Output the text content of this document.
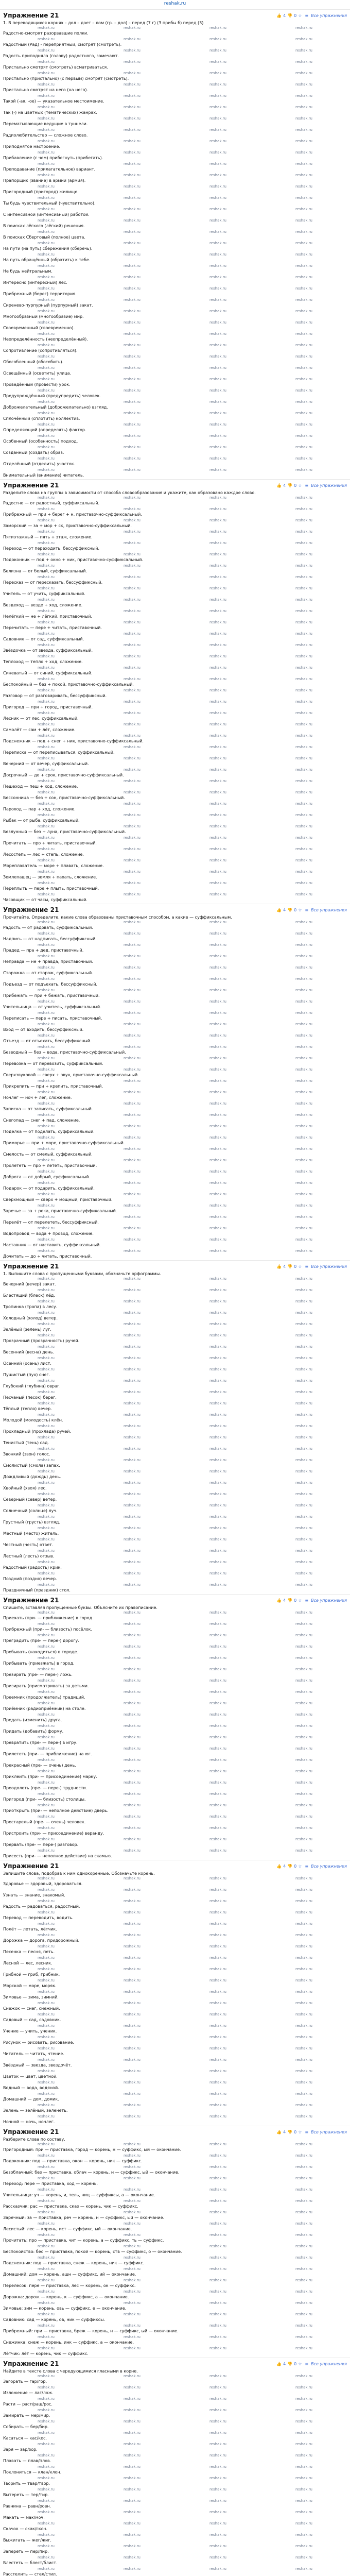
reshak.ru
Упражнение 21	👍 4 👎 0 ☆ ≡ Все упражнения
1. В переводящихся корнях – дол – дает – лом (гр. – дол) – перед (7 г) (3 прибы б) перед (3)
reshak.ru	reshak.ru	reshak.ru	reshak.ru
Радостно-смотрят разорвавшие полки.
reshak.ru	reshak.ru	reshak.ru	reshak.ru
Радостный (Рад) - переприятный, смотрят (смотреть).
reshak.ru	reshak.ru	reshak.ru	reshak.ru
Радость приподняла (голову) радостного, замечают.
reshak.ru	reshak.ru	reshak.ru	reshak.ru
Пристально смотрят (смотреть) всматриваться.
reshak.ru	reshak.ru	reshak.ru	reshak.ru
Пристально (пристально) (с первым) смотрят (смотреть).
reshak.ru	reshak.ru	reshak.ru	reshak.ru
Пристально смотрят на него (на него).
reshak.ru	reshak.ru	reshak.ru	reshak.ru
Такой (-ая, -ое) — указательное местоимение.
reshak.ru	reshak.ru	reshak.ru	reshak.ru
Так (-) на цветных (тематических) жанрах.
reshak.ru	reshak.ru	reshak.ru	reshak.ru
Перематывающие ведущие в туннели.
reshak.ru	reshak.ru	reshak.ru	reshak.ru
Радиолюбительство — сложное слово.
reshak.ru	reshak.ru	reshak.ru	reshak.ru
Приподнятое настроение.
reshak.ru	reshak.ru	reshak.ru	reshak.ru
Прибавление (с чем) прибегнуть (прибегать).
reshak.ru	reshak.ru	reshak.ru	reshak.ru
Преподавание (прилагательное) вариант.
reshak.ru	reshak.ru	reshak.ru	reshak.ru
Прапорщик (звание) в армии (армия).
reshak.ru	reshak.ru	reshak.ru	reshak.ru
Пригородный (пригород) жилище.
reshak.ru	reshak.ru	reshak.ru	reshak.ru
Ты будь чувствительный (чувствительно).
reshak.ru	reshak.ru	reshak.ru	reshak.ru
С интенсивной (интенсивный) работой.
reshak.ru	reshak.ru	reshak.ru	reshak.ru
В поисках лёгкого (лёгкий) решения.
reshak.ru	reshak.ru	reshak.ru	reshak.ru
В поисках Сбертовый (полное) цвета.
reshak.ru	reshak.ru	reshak.ru	reshak.ru
На пути (на путь) сбережения (сберечь).
reshak.ru	reshak.ru	reshak.ru	reshak.ru
На путь обращённый (обратить) к тебе.
reshak.ru	reshak.ru	reshak.ru	reshak.ru
Не будь нейтральным.
reshak.ru	reshak.ru	reshak.ru	reshak.ru
Интересно (интересный) лес.
reshak.ru	reshak.ru	reshak.ru	reshak.ru
Прибрежный (берег) территория.
reshak.ru	reshak.ru	reshak.ru	reshak.ru
Сиренево-пурпурный (пурпурный) закат.
reshak.ru	reshak.ru	reshak.ru	reshak.ru
Многообразный (многообразие) мир.
reshak.ru	reshak.ru	reshak.ru	reshak.ru
Своевременный (своевременно).
reshak.ru	reshak.ru	reshak.ru	reshak.ru
Неопределённость (неопределённый).
reshak.ru	reshak.ru	reshak.ru	reshak.ru
Сопротивление (сопротивляться).
reshak.ru	reshak.ru	reshak.ru	reshak.ru
Обособленный (обособить).
reshak.ru	reshak.ru	reshak.ru	reshak.ru
Освещённый (осветить) улица.
reshak.ru	reshak.ru	reshak.ru	reshak.ru
Проведённый (провести) урок.
reshak.ru	reshak.ru	reshak.ru	reshak.ru
Предупреждённый (предупредить) человек.
reshak.ru	reshak.ru	reshak.ru	reshak.ru
Доброжелательный (доброжелательно) взгляд.
reshak.ru	reshak.ru	reshak.ru	reshak.ru
Сплочённый (сплотить) коллектив.
reshak.ru	reshak.ru	reshak.ru	reshak.ru
Определяющий (определять) фактор.
reshak.ru	reshak.ru	reshak.ru	reshak.ru
Особенный (особенность) подход.
reshak.ru	reshak.ru	reshak.ru	reshak.ru
Созданный (создать) образ.
reshak.ru	reshak.ru	reshak.ru	reshak.ru
Отделённый (отделить) участок.
reshak.ru	reshak.ru	reshak.ru	reshak.ru
Внимательный (внимание) читатель.
Упражнение 21	👍 4 👎 0 ☆ ≡ Все упражнения
Разделите слова на группы в зависимости от способа словообразования и укажите, как образовано каждое слово.
reshak.ru	reshak.ru	reshak.ru	reshak.ru
Радостно — от радостный, суффиксальный.
reshak.ru	reshak.ru	reshak.ru	reshak.ru
Прибрежный — при + берег + н, приставочно-суффиксальный.
reshak.ru	reshak.ru	reshak.ru	reshak.ru
Заморский — за + мор + ск, приставочно-суффиксальный.
reshak.ru	reshak.ru	reshak.ru	reshak.ru
Пятиэтажный — пять + этаж, сложение.
reshak.ru	reshak.ru	reshak.ru	reshak.ru
Переход — от переходить, бессуффиксный.
reshak.ru	reshak.ru	reshak.ru	reshak.ru
Подоконник — под + окно + ник, приставочно-суффиксальный.
reshak.ru	reshak.ru	reshak.ru	reshak.ru
Белизна — от белый, суффиксальный.
reshak.ru	reshak.ru	reshak.ru	reshak.ru
Пересказ — от пересказать, бессуффиксный.
reshak.ru	reshak.ru	reshak.ru	reshak.ru
Учитель — от учить, суффиксальный.
reshak.ru	reshak.ru	reshak.ru	reshak.ru
Вездеход — везде + ход, сложение.
reshak.ru	reshak.ru	reshak.ru	reshak.ru
Нелёгкий — не + лёгкий, приставочный.
reshak.ru	reshak.ru	reshak.ru	reshak.ru
Перечитать — пере + читать, приставочный.
reshak.ru	reshak.ru	reshak.ru	reshak.ru
Садовник — от сад, суффиксальный.
reshak.ru	reshak.ru	reshak.ru	reshak.ru
Звёздочка — от звезда, суффиксальный.
reshak.ru	reshak.ru	reshak.ru	reshak.ru
Теплоход — тепло + ход, сложение.
reshak.ru	reshak.ru	reshak.ru	reshak.ru
Синеватый — от синий, суффиксальный.
reshak.ru	reshak.ru	reshak.ru	reshak.ru
Беспокойный — без + покой, приставочно-суффиксальный.
reshak.ru	reshak.ru	reshak.ru	reshak.ru
Разговор — от разговаривать, бессуффиксный.
reshak.ru	reshak.ru	reshak.ru	reshak.ru
Пригород — при + город, приставочный.
reshak.ru	reshak.ru	reshak.ru	reshak.ru
Лесник — от лес, суффиксальный.
reshak.ru	reshak.ru	reshak.ru	reshak.ru
Самолёт — сам + лёт, сложение.
reshak.ru	reshak.ru	reshak.ru	reshak.ru
Подснежник — под + снег + ник, приставочно-суффиксальный.
reshak.ru	reshak.ru	reshak.ru	reshak.ru
Переписка — от переписываться, суффиксальный.
reshak.ru	reshak.ru	reshak.ru	reshak.ru
Вечерний — от вечер, суффиксальный.
reshak.ru	reshak.ru	reshak.ru	reshak.ru
Досрочный — до + срок, приставочно-суффиксальный.
reshak.ru	reshak.ru	reshak.ru	reshak.ru
Пешеход — пеш + ход, сложение.
reshak.ru	reshak.ru	reshak.ru	reshak.ru
Бессонница — без + сон, приставочно-суффиксальный.
reshak.ru	reshak.ru	reshak.ru	reshak.ru
Пароход — пар + ход, сложение.
reshak.ru	reshak.ru	reshak.ru	reshak.ru
Рыбак — от рыба, суффиксальный.
reshak.ru	reshak.ru	reshak.ru	reshak.ru
Безлунный — без + луна, приставочно-суффиксальный.
reshak.ru	reshak.ru	reshak.ru	reshak.ru
Прочитать — про + читать, приставочный.
reshak.ru	reshak.ru	reshak.ru	reshak.ru
Лесостепь — лес + степь, сложение.
reshak.ru	reshak.ru	reshak.ru	reshak.ru
Мореплаватель — море + плавать, сложение.
reshak.ru	reshak.ru	reshak.ru	reshak.ru
Землепашец — земля + пахать, сложение.
reshak.ru	reshak.ru	reshak.ru	reshak.ru
Переплыть — пере + плыть, приставочный.
reshak.ru	reshak.ru	reshak.ru	reshak.ru
Часовщик — от часы, суффиксальный.
Упражнение 21	👍 4 👎 0 ☆ ≡ Все упражнения
Прочитайте. Определите, какие слова образованы приставочным способом, а какие — суффиксальным.
reshak.ru	reshak.ru	reshak.ru	reshak.ru
Радость — от радовать, суффиксальный.
reshak.ru	reshak.ru	reshak.ru	reshak.ru
Надпись — от надписать, бессуффиксный.
reshak.ru	reshak.ru	reshak.ru	reshak.ru
Прадед — пра + дед, приставочный.
reshak.ru	reshak.ru	reshak.ru	reshak.ru
Неправда — не + правда, приставочный.
reshak.ru	reshak.ru	reshak.ru	reshak.ru
Сторожка — от сторож, суффиксальный.
reshak.ru	reshak.ru	reshak.ru	reshak.ru
Подъезд — от подъехать, бессуффиксный.
reshak.ru	reshak.ru	reshak.ru	reshak.ru
Прибежать — при + бежать, приставочный.
reshak.ru	reshak.ru	reshak.ru	reshak.ru
Учительница — от учитель, суффиксальный.
reshak.ru	reshak.ru	reshak.ru	reshak.ru
Переписать — пере + писать, приставочный.
reshak.ru	reshak.ru	reshak.ru	reshak.ru
Вход — от входить, бессуффиксный.
reshak.ru	reshak.ru	reshak.ru	reshak.ru
Отъезд — от отъехать, бессуффиксный.
reshak.ru	reshak.ru	reshak.ru	reshak.ru
Безводный — без + вода, приставочно-суффиксальный.
reshak.ru	reshak.ru	reshak.ru	reshak.ru
Перевозка — от перевозить, суффиксальный.
reshak.ru	reshak.ru	reshak.ru	reshak.ru
Сверхзвуковой — сверх + звук, приставочно-суффиксальный.
reshak.ru	reshak.ru	reshak.ru	reshak.ru
Прикрепить — при + крепить, приставочный.
reshak.ru	reshak.ru	reshak.ru	reshak.ru
Ночлег — ноч + лег, сложение.
reshak.ru	reshak.ru	reshak.ru	reshak.ru
Записка — от записать, суффиксальный.
reshak.ru	reshak.ru	reshak.ru	reshak.ru
Снегопад — снег + пад, сложение.
reshak.ru	reshak.ru	reshak.ru	reshak.ru
Поделка — от поделать, суффиксальный.
reshak.ru	reshak.ru	reshak.ru	reshak.ru
Приморье — при + море, приставочно-суффиксальный.
reshak.ru	reshak.ru	reshak.ru	reshak.ru
Смелость — от смелый, суффиксальный.
reshak.ru	reshak.ru	reshak.ru	reshak.ru
Пролететь — про + лететь, приставочный.
reshak.ru	reshak.ru	reshak.ru	reshak.ru
Доброта — от добрый, суффиксальный.
reshak.ru	reshak.ru	reshak.ru	reshak.ru
Подарок — от подарить, суффиксальный.
reshak.ru	reshak.ru	reshak.ru	reshak.ru
Сверхмощный — сверх + мощный, приставочный.
reshak.ru	reshak.ru	reshak.ru	reshak.ru
Заречье — за + река, приставочно-суффиксальный.
reshak.ru	reshak.ru	reshak.ru	reshak.ru
Перелёт — от перелететь, бессуффиксный.
reshak.ru	reshak.ru	reshak.ru	reshak.ru
Водопровод — вода + провод, сложение.
reshak.ru	reshak.ru	reshak.ru	reshak.ru
Наставник — от наставить, суффиксальный.
reshak.ru	reshak.ru	reshak.ru	reshak.ru
Дочитать — до + читать, приставочный.
Упражнение 21	👍 4 👎 0 ☆ ≡ Все упражнения
1. Выпишите слова с пропущенными буквами, обозначьте орфограммы.
reshak.ru	reshak.ru	reshak.ru	reshak.ru
Вечерний (вечер) закат.
reshak.ru	reshak.ru	reshak.ru	reshak.ru
Блестящий (блеск) лёд.
reshak.ru	reshak.ru	reshak.ru	reshak.ru
Тропинка (тропа) в лесу.
reshak.ru	reshak.ru	reshak.ru	reshak.ru
Холодный (холод) ветер.
reshak.ru	reshak.ru	reshak.ru	reshak.ru
Зелёный (зелень) луг.
reshak.ru	reshak.ru	reshak.ru	reshak.ru
Прозрачный (прозрачность) ручей.
reshak.ru	reshak.ru	reshak.ru	reshak.ru
Весенний (весна) день.
reshak.ru	reshak.ru	reshak.ru	reshak.ru
Осенний (осень) лист.
reshak.ru	reshak.ru	reshak.ru	reshak.ru
Пушистый (пух) снег.
reshak.ru	reshak.ru	reshak.ru	reshak.ru
Глубокий (глубина) овраг.
reshak.ru	reshak.ru	reshak.ru	reshak.ru
Песчаный (песок) берег.
reshak.ru	reshak.ru	reshak.ru	reshak.ru
Тёплый (тепло) вечер.
reshak.ru	reshak.ru	reshak.ru	reshak.ru
Молодой (молодость) клён.
reshak.ru	reshak.ru	reshak.ru	reshak.ru
Прохладный (прохлада) ручей.
reshak.ru	reshak.ru	reshak.ru	reshak.ru
Тенистый (тень) сад.
reshak.ru	reshak.ru	reshak.ru	reshak.ru
Звонкий (звон) голос.
reshak.ru	reshak.ru	reshak.ru	reshak.ru
Смолистый (смола) запах.
reshak.ru	reshak.ru	reshak.ru	reshak.ru
Дождливый (дождь) день.
reshak.ru	reshak.ru	reshak.ru	reshak.ru
Хвойный (хвоя) лес.
reshak.ru	reshak.ru	reshak.ru	reshak.ru
Северный (север) ветер.
reshak.ru	reshak.ru	reshak.ru	reshak.ru
Солнечный (солнце) луч.
reshak.ru	reshak.ru	reshak.ru	reshak.ru
Грустный (грусть) взгляд.
reshak.ru	reshak.ru	reshak.ru	reshak.ru
Местный (место) житель.
reshak.ru	reshak.ru	reshak.ru	reshak.ru
Честный (честь) ответ.
reshak.ru	reshak.ru	reshak.ru	reshak.ru
Лестный (лесть) отзыв.
reshak.ru	reshak.ru	reshak.ru	reshak.ru
Радостный (радость) крик.
reshak.ru	reshak.ru	reshak.ru	reshak.ru
Поздний (поздно) вечер.
reshak.ru	reshak.ru	reshak.ru	reshak.ru
Праздничный (праздник) стол.
Упражнение 21	👍 4 👎 0 ☆ ≡ Все упражнения
Спишите, вставляя пропущенные буквы. Объясните их правописание.
reshak.ru	reshak.ru	reshak.ru	reshak.ru
Приехать (при- — приближение) в город.
reshak.ru	reshak.ru	reshak.ru	reshak.ru
Прибрежный (при- — близость) посёлок.
reshak.ru	reshak.ru	reshak.ru	reshak.ru
Преградить (пре- — пере-) дорогу.
reshak.ru	reshak.ru	reshak.ru	reshak.ru
Пребывать (находиться) в городе.
reshak.ru	reshak.ru	reshak.ru	reshak.ru
Прибывать (приезжать) в город.
reshak.ru	reshak.ru	reshak.ru	reshak.ru
Презирать (пре- — пере-) ложь.
reshak.ru	reshak.ru	reshak.ru	reshak.ru
Призирать (присматривать) за детьми.
reshak.ru	reshak.ru	reshak.ru	reshak.ru
Преемник (продолжатель) традиций.
reshak.ru	reshak.ru	reshak.ru	reshak.ru
Приёмник (радиоприёмник) на столе.
reshak.ru	reshak.ru	reshak.ru	reshak.ru
Предать (изменить) друга.
reshak.ru	reshak.ru	reshak.ru	reshak.ru
Придать (добавить) форму.
reshak.ru	reshak.ru	reshak.ru	reshak.ru
Превратить (пре- — пере-) в игру.
reshak.ru	reshak.ru	reshak.ru	reshak.ru
Прилететь (при- — приближение) на юг.
reshak.ru	reshak.ru	reshak.ru	reshak.ru
Прекрасный (пре- — очень) день.
reshak.ru	reshak.ru	reshak.ru	reshak.ru
Приклеить (при- — присоединение) марку.
reshak.ru	reshak.ru	reshak.ru	reshak.ru
Преодолеть (пре- — пере-) трудности.
reshak.ru	reshak.ru	reshak.ru	reshak.ru
Пригород (при- — близость) столицы.
reshak.ru	reshak.ru	reshak.ru	reshak.ru
Приоткрыть (при- — неполное действие) дверь.
reshak.ru	reshak.ru	reshak.ru	reshak.ru
Престарелый (пре- — очень) человек.
reshak.ru	reshak.ru	reshak.ru	reshak.ru
Пристроить (при- — присоединение) веранду.
reshak.ru	reshak.ru	reshak.ru	reshak.ru
Прервать (пре- — пере-) разговор.
reshak.ru	reshak.ru	reshak.ru	reshak.ru
Присесть (при- — неполное действие) на скамью.
Упражнение 21	👍 4 👎 0 ☆ ≡ Все упражнения
Запишите слова, подобрав к ним однокоренные. Обозначьте корень.
reshak.ru	reshak.ru	reshak.ru	reshak.ru
Здоровье — здоровый, здороваться.
reshak.ru	reshak.ru	reshak.ru	reshak.ru
Узнать — знание, знакомый.
reshak.ru	reshak.ru	reshak.ru	reshak.ru
Радость — радоваться, радостный.
reshak.ru	reshak.ru	reshak.ru	reshak.ru
Перевод — переводить, водить.
reshak.ru	reshak.ru	reshak.ru	reshak.ru
Полёт — летать, лётчик.
reshak.ru	reshak.ru	reshak.ru	reshak.ru
Дорожка — дорога, придорожный.
reshak.ru	reshak.ru	reshak.ru	reshak.ru
Песенка — песня, петь.
reshak.ru	reshak.ru	reshak.ru	reshak.ru
Лесной — лес, лесник.
reshak.ru	reshak.ru	reshak.ru	reshak.ru
Грибной — гриб, грибник.
reshak.ru	reshak.ru	reshak.ru	reshak.ru
Морской — море, моряк.
reshak.ru	reshak.ru	reshak.ru	reshak.ru
Зимовье — зима, зимний.
reshak.ru	reshak.ru	reshak.ru	reshak.ru
Снежок — снег, снежный.
reshak.ru	reshak.ru	reshak.ru	reshak.ru
Садовый — сад, садовник.
reshak.ru	reshak.ru	reshak.ru	reshak.ru
Учение — учить, ученик.
reshak.ru	reshak.ru	reshak.ru	reshak.ru
Рисунок — рисовать, рисование.
reshak.ru	reshak.ru	reshak.ru	reshak.ru
Читатель — читать, чтение.
reshak.ru	reshak.ru	reshak.ru	reshak.ru
Звёздный — звезда, звездочёт.
reshak.ru	reshak.ru	reshak.ru	reshak.ru
Цветок — цвет, цветной.
reshak.ru	reshak.ru	reshak.ru	reshak.ru
Водный — вода, водяной.
reshak.ru	reshak.ru	reshak.ru	reshak.ru
Домашний — дом, домик.
reshak.ru	reshak.ru	reshak.ru	reshak.ru
Зелень — зелёный, зеленеть.
reshak.ru	reshak.ru	reshak.ru	reshak.ru
Ночной — ночь, ночлег.
Упражнение 21	👍 4 👎 0 ☆ ≡ Все упражнения
Разберите слова по составу.
reshak.ru	reshak.ru	reshak.ru	reshak.ru
Пригородный: при — приставка, город — корень, н — суффикс, ый — окончание.
reshak.ru	reshak.ru	reshak.ru	reshak.ru
Подоконник: под — приставка, окон — корень, ник — суффикс.
reshak.ru	reshak.ru	reshak.ru	reshak.ru
Безоблачный: без — приставка, облач — корень, н — суффикс, ый — окончание.
reshak.ru	reshak.ru	reshak.ru	reshak.ru
Переход: пере — приставка, ход — корень.
reshak.ru	reshak.ru	reshak.ru	reshak.ru
Учительница: уч — корень, и, тель, ниц — суффиксы, а — окончание.
reshak.ru	reshak.ru	reshak.ru	reshak.ru
Рассказчик: рас — приставка, сказ — корень, чик — суффикс.
reshak.ru	reshak.ru	reshak.ru	reshak.ru
Заречный: за — приставка, реч — корень, н — суффикс, ый — окончание.
reshak.ru	reshak.ru	reshak.ru	reshak.ru
Лесистый: лес — корень, ист — суффикс, ый — окончание.
reshak.ru	reshak.ru	reshak.ru	reshak.ru
Прочитать: про — приставка, чит — корень, а — суффикс, ть — суффикс.
reshak.ru	reshak.ru	reshak.ru	reshak.ru
Беспокойство: бес — приставка, покой — корень, ств — суффикс, о — окончание.
reshak.ru	reshak.ru	reshak.ru	reshak.ru
Подснежник: под — приставка, снеж — корень, ник — суффикс.
reshak.ru	reshak.ru	reshak.ru	reshak.ru
Домашний: дом — корень, ашн — суффикс, ий — окончание.
reshak.ru	reshak.ru	reshak.ru	reshak.ru
Перелесок: пере — приставка, лес — корень, ок — суффикс.
reshak.ru	reshak.ru	reshak.ru	reshak.ru
Дорожка: дорож — корень, к — суффикс, а — окончание.
reshak.ru	reshak.ru	reshak.ru	reshak.ru
Зимовье: зим — корень, овь — суффикс, е — окончание.
reshak.ru	reshak.ru	reshak.ru	reshak.ru
Садовник: сад — корень, ов, ник — суффиксы.
reshak.ru	reshak.ru	reshak.ru	reshak.ru
Прибрежный: при — приставка, бреж — корень, н — суффикс, ый — окончание.
reshak.ru	reshak.ru	reshak.ru	reshak.ru
Снежинка: снеж — корень, инк — суффикс, а — окончание.
reshak.ru	reshak.ru	reshak.ru	reshak.ru
Лётчик: лёт — корень, чик — суффикс.
Упражнение 21	👍 4 👎 0 ☆ ≡ Все упражнения
Найдите в тексте слова с чередующимися гласными в корне.
reshak.ru	reshak.ru	reshak.ru	reshak.ru
Загорать — гар/гор.
reshak.ru	reshak.ru	reshak.ru	reshak.ru
Изложение — лаг/лож.
reshak.ru	reshak.ru	reshak.ru	reshak.ru
Расти — раст/ращ/рос.
reshak.ru	reshak.ru	reshak.ru	reshak.ru
Замирать — мер/мир.
reshak.ru	reshak.ru	reshak.ru	reshak.ru
Собирать — бер/бир.
reshak.ru	reshak.ru	reshak.ru	reshak.ru
Касаться — кас/кос.
reshak.ru	reshak.ru	reshak.ru	reshak.ru
Заря — зар/зор.
reshak.ru	reshak.ru	reshak.ru	reshak.ru
Плавать — плав/плов.
reshak.ru	reshak.ru	reshak.ru	reshak.ru
Поклониться — клан/клон.
reshak.ru	reshak.ru	reshak.ru	reshak.ru
Творить — твар/твор.
reshak.ru	reshak.ru	reshak.ru	reshak.ru
Вытереть — тер/тир.
reshak.ru	reshak.ru	reshak.ru	reshak.ru
Равнина — равн/ровн.
reshak.ru	reshak.ru	reshak.ru	reshak.ru
Макать — мак/моч.
reshak.ru	reshak.ru	reshak.ru	reshak.ru
Скачок — скак/скоч.
reshak.ru	reshak.ru	reshak.ru	reshak.ru
Выжигать — жег/жиг.
reshak.ru	reshak.ru	reshak.ru	reshak.ru
Запереть — пер/пир.
reshak.ru	reshak.ru	reshak.ru	reshak.ru
Блестеть — блест/блист.
reshak.ru	reshak.ru	reshak.ru	reshak.ru
Расстелить — стел/стил.
